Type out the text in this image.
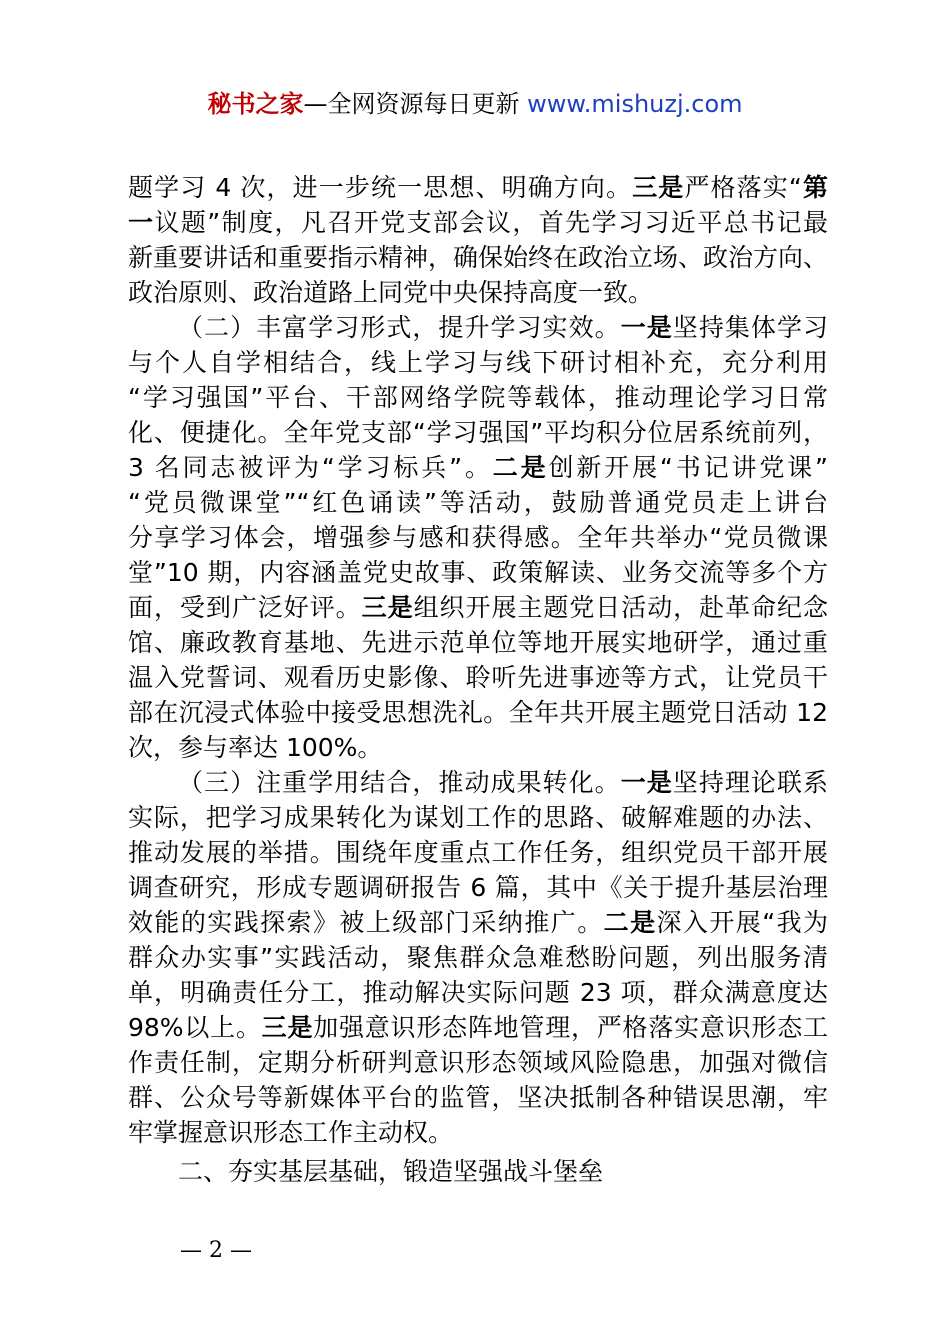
秘书之家—全网资源每日更新 www.mishuzj.com
题学习 4 次，进一步统一思想、明确方向。三是严格落实“第
一议题”制度，凡召开党支部会议，首先学习习近平总书记最
新重要讲话和重要指示精神，确保始终在政治立场、政治方向、
政治原则、政治道路上同党中央保持高度一致。
（二）丰富学习形式，提升学习实效。一是坚持集体学习
与个人自学相结合，线上学习与线下研讨相补充，充分利用
“学习强国”平台、干部网络学院等载体，推动理论学习日常
化、便捷化。全年党支部“学习强国”平均积分位居系统前列，
3 名同志被评为“学习标兵”。二是创新开展“书记讲党课”
“党员微课堂”“红色诵读”等活动，鼓励普通党员走上讲台
分享学习体会，增强参与感和获得感。全年共举办“党员微课
堂”10 期，内容涵盖党史故事、政策解读、业务交流等多个方
面，受到广泛好评。三是组织开展主题党日活动，赴革命纪念
馆、廉政教育基地、先进示范单位等地开展实地研学，通过重
温入党誓词、观看历史影像、聆听先进事迹等方式，让党员干
部在沉浸式体验中接受思想洗礼。全年共开展主题党日活动 12
次，参与率达 100%。
（三）注重学用结合，推动成果转化。一是坚持理论联系
实际，把学习成果转化为谋划工作的思路、破解难题的办法、
推动发展的举措。围绕年度重点工作任务，组织党员干部开展
调查研究，形成专题调研报告 6 篇，其中《关于提升基层治理
效能的实践探索》被上级部门采纳推广。二是深入开展“我为
群众办实事”实践活动，聚焦群众急难愁盼问题，列出服务清
单，明确责任分工，推动解决实际问题 23 项，群众满意度达
98%以上。三是加强意识形态阵地管理，严格落实意识形态工
作责任制，定期分析研判意识形态领域风险隐患，加强对微信
群、公众号等新媒体平台的监管，坚决抵制各种错误思潮，牢
牢掌握意识形态工作主动权。
二、夯实基层基础，锻造坚强战斗堡垒
— 2 —
